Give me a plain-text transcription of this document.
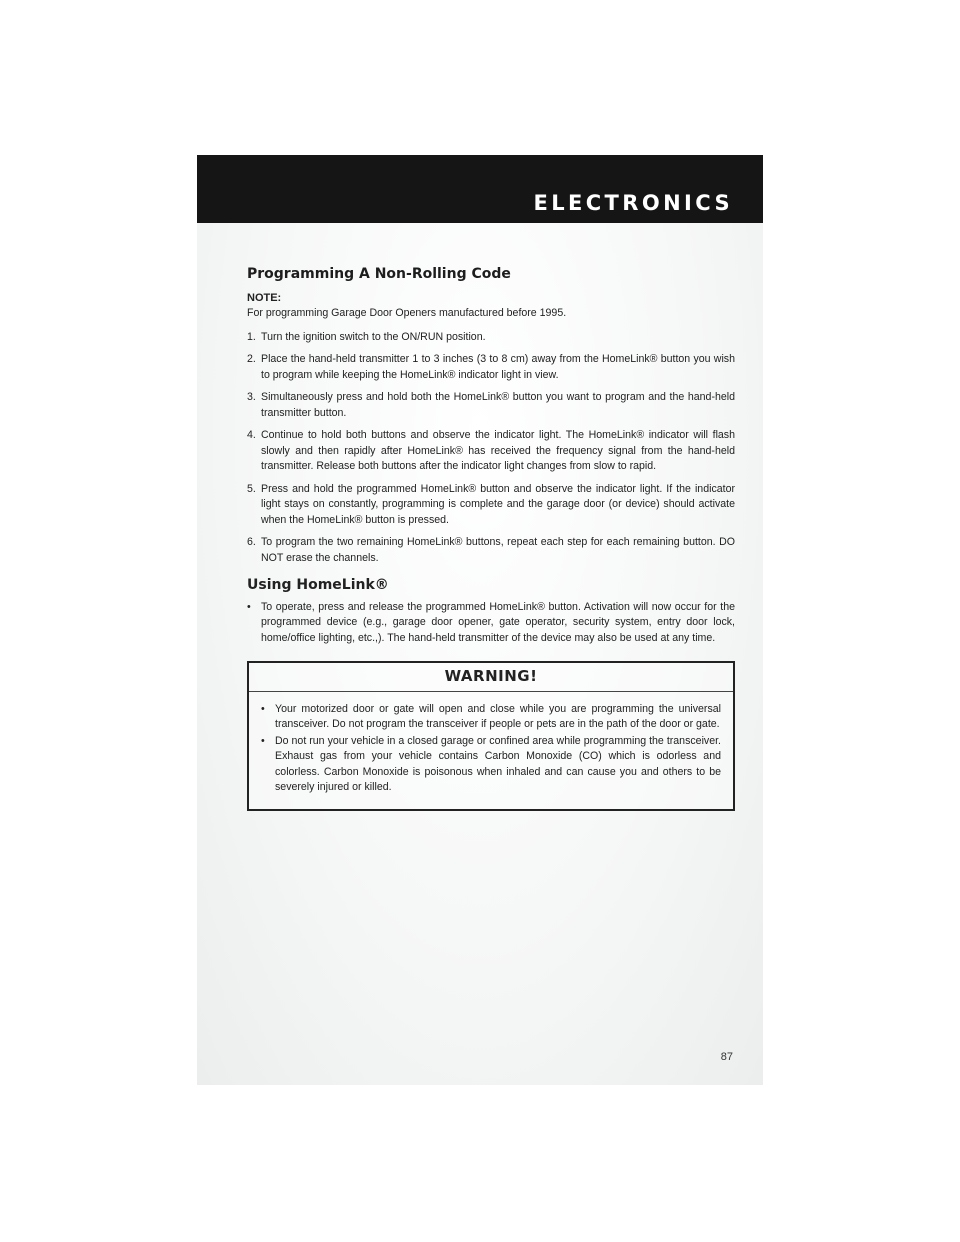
ELECTRONICS
Programming A Non-Rolling Code
NOTE:
For programming Garage Door Openers manufactured before 1995.
1. Turn the ignition switch to the ON/RUN position.
2. Place the hand-held transmitter 1 to 3 inches (3 to 8 cm) away from the HomeLink® button you wish to program while keeping the HomeLink® indicator light in view.
3. Simultaneously press and hold both the HomeLink® button you want to program and the hand-held transmitter button.
4. Continue to hold both buttons and observe the indicator light. The HomeLink® indicator will flash slowly and then rapidly after HomeLink® has received the frequency signal from the hand-held transmitter. Release both buttons after the indicator light changes from slow to rapid.
5. Press and hold the programmed HomeLink® button and observe the indicator light. If the indicator light stays on constantly, programming is complete and the garage door (or device) should activate when the HomeLink® button is pressed.
6. To program the two remaining HomeLink® buttons, repeat each step for each remaining button. DO NOT erase the channels.
Using HomeLink®
• To operate, press and release the programmed HomeLink® button. Activation will now occur for the programmed device (e.g., garage door opener, gate operator, security system, entry door lock, home/office lighting, etc.,). The hand-held transmitter of the device may also be used at any time.
WARNING!
• Your motorized door or gate will open and close while you are programming the universal transceiver. Do not program the transceiver if people or pets are in the path of the door or gate.
• Do not run your vehicle in a closed garage or confined area while programming the transceiver. Exhaust gas from your vehicle contains Carbon Monoxide (CO) which is odorless and colorless. Carbon Monoxide is poisonous when inhaled and can cause you and others to be severely injured or killed.
87
